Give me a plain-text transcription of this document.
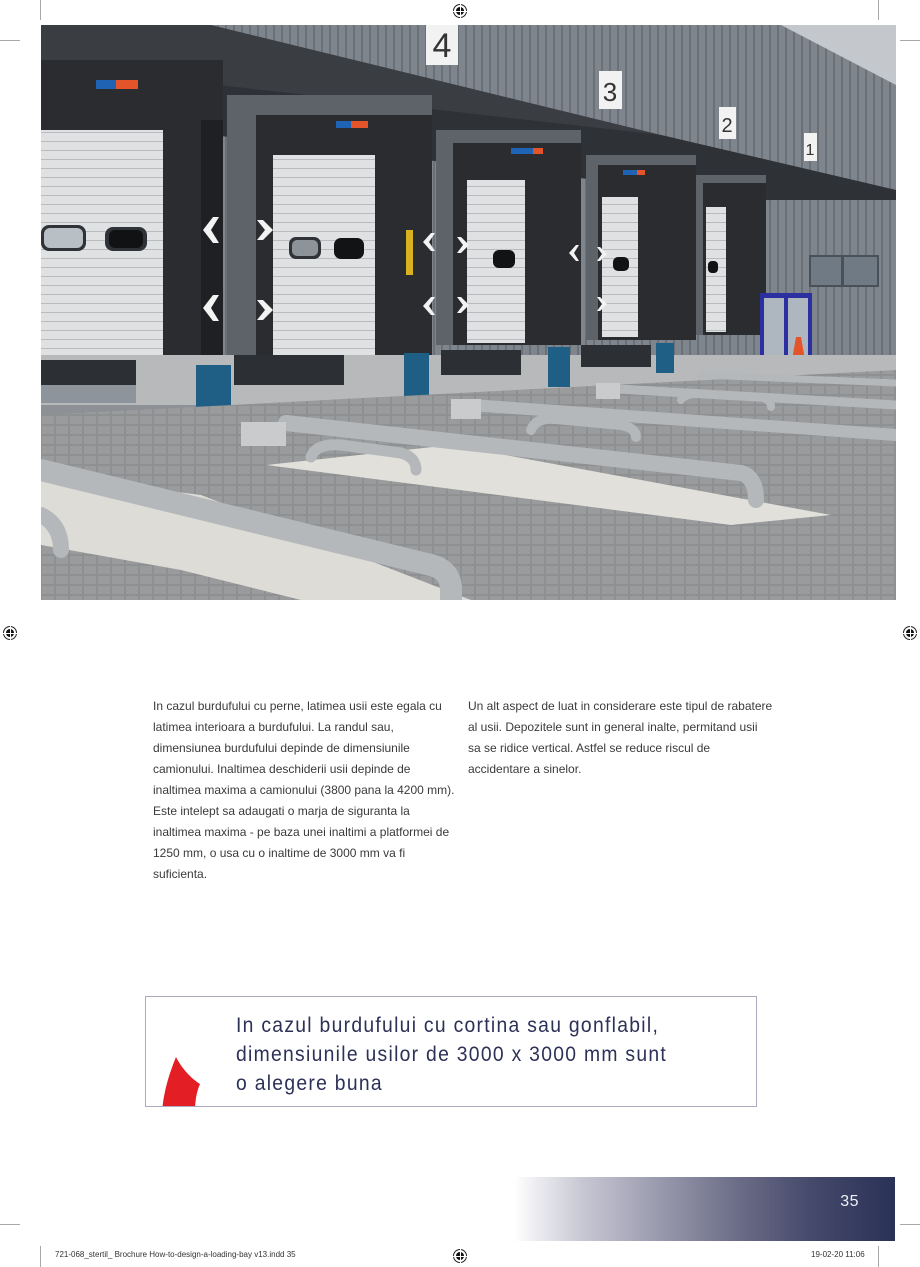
4
3
2
1

In cazul burdufului cu perne, latimea usii este egala cu latimea interioara a burdufului. La randul sau, dimensiunea burdufului depinde de dimensiunile camionului. Inaltimea deschiderii usii depinde de inaltimea maxima a camionului (3800 pana la 4200 mm). Este intelept sa adaugati o marja de siguranta la inaltimea maxima - pe baza unei inaltimi a platformei de 1250 mm, o usa cu o inaltime de 3000 mm va fi suficienta.

Un alt aspect de luat in considerare este tipul de rabatere al usii. Depozitele sunt in general inalte, permitand usii sa se ridice vertical. Astfel se reduce riscul de accidentare a sinelor.

In cazul burdufului cu cortina sau gonflabil,
dimensiunile usilor de 3000 x 3000 mm sunt
o alegere buna
35
721-068_stertil_ Brochure How-to-design-a-loading-bay v13.indd 35	19-02-20 11:06
